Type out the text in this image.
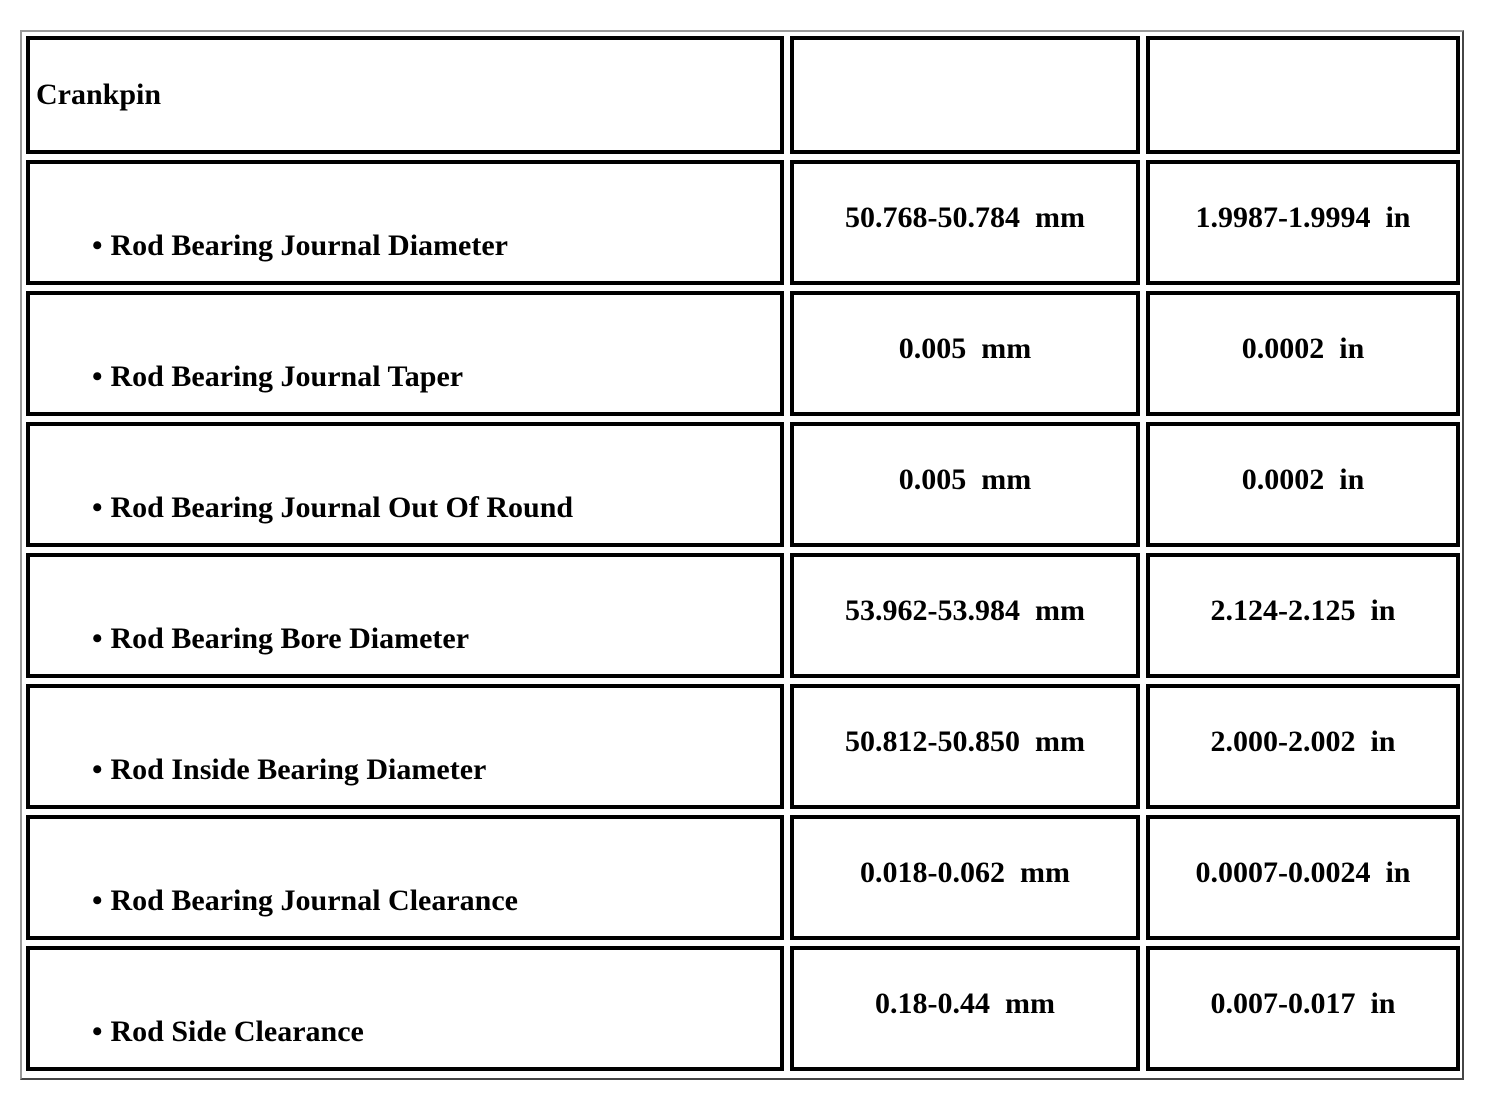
Crankpin		
• Rod Bearing Journal Diameter	50.768-50.784  mm	1.9987-1.9994  in
• Rod Bearing Journal Taper	0.005  mm	0.0002  in
• Rod Bearing Journal Out Of Round	0.005  mm	0.0002  in
• Rod Bearing Bore Diameter	53.962-53.984  mm	2.124-2.125  in
• Rod Inside Bearing Diameter	50.812-50.850  mm	2.000-2.002  in
• Rod Bearing Journal Clearance	0.018-0.062  mm	0.0007-0.0024  in
• Rod Side Clearance	0.18-0.44  mm	0.007-0.017  in
